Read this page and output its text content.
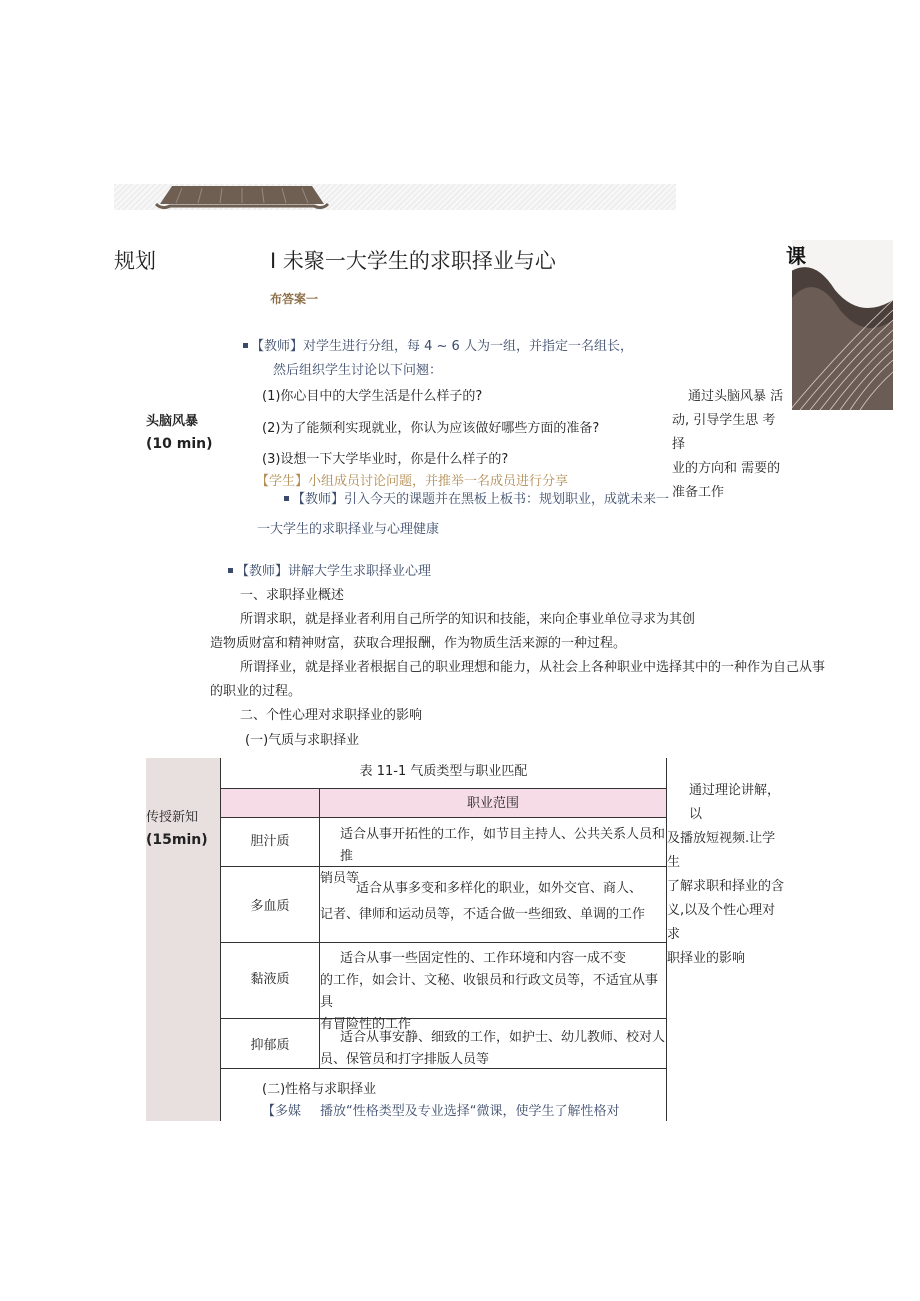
规划	I 未聚一大学生的求职择业与心
布答案一
课
头脑风暴
(10 min)
【教师】对学生进行分组，每 4 ~ 6 人为一组，并指定一名组长，
然后组织学生讨论以下问翘：
(1)你心目中的大学生活是什么样子的?
(2)为了能频利实现就业，你认为应该做好哪些方面的准备?
(3)设想一下大学毕业时，你是什么样子的?
【学生】小组成员讨论问题，并推举一名成员进行分享
【教师】引入今天的课题并在黑板上板书：规划职业，成就未来一
一大学生的求职择业与心理健康
通过头脑风暴 活
动, 引导学生思 考择
业的方向和 需要的
准备工作
【教师】讲解大学生求职择业心理
一、求职择业概述
所谓求职，就是择业者利用自己所学的知识和技能，来向企事业单位寻求为其创
造物质财富和精神财富，获取合理报酬，作为物质生活来源的一种过程。
所谓择业，就是择业者根据自己的职业理想和能力，从社会上各种职业中选择其中的一种作为自己从事
的职业的过程。
二、个性心理对求职择业的影响
(一)气质与求职择业
传授新知
(15min)
表 11-1 气质类型与职业匹配
职业范围
胆汁质	适合从事开拓性的工作，如节目主持人、公共关系人员和推
销员等
多血质
适合从事多变和多样化的职业，如外交官、商人、
记者、律师和运动员等，不适合做一些细致、单调的工作
黏液质
适合从事一些固定性的、工作环境和内容一成不变
的工作，如会计、文秘、收银员和行政文员等，不适宜从事具
有冒险性的工作
抑郁质
适合从事安静、细致的工作，如护士、幼儿教师、校对人
员、保管员和打字排版人员等
(二)性格与求职择业
【多媒 播放“性格类型及专业选择“微课，使学生了解性格对
通过理论讲解，以
及播放短视频.让学生
了解求职和择业的含
义,以及个性心理对求
职择业的影响
